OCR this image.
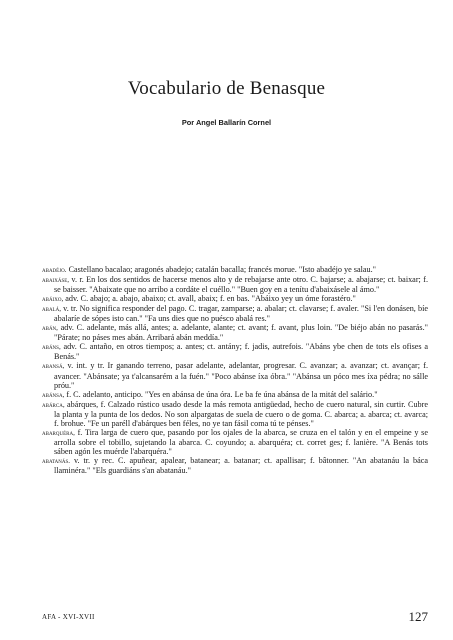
Vocabulario de Benasque
Por Angel Ballarín Cornel

abadéjo. Castellano bacalao; aragonés abadejo; catalán bacalla; francés morue. "Isto abadéjo ye salau."

abaixáse, v. r. En los dos sentidos de hacerse menos alto y de rebajarse ante otro. C. bajarse; a. abajarse; ct. baixar; f. se baisser. "Abaixate que no arribo a cordáte el cuéllo." "Buen goy en a tenítu d'abaixásele al ámo."

abáixo, adv. C. abajo; a. abajo, abaixo; ct. avall, abaix; f. en bas. "Abáixo yey un óme forastéro."

abalá, v. tr. No significa responder del pago. C. tragar, zamparse; a. abalar; ct. clavarse; f. avaler. "Si l'en donásen, bíe abalaríe de sópes isto can." "Fa uns dies que no puésco abalá res."

abán, adv. C. adelante, más allá, antes; a. adelante, alante; ct. avant; f. avant, plus loin. "De biéjo abán no pasarás." "Párate; no páses mes abán. Arribará abán meddía."

abáns, adv. C. antaño, en otros tiempos; a. antes; ct. antány; f. jadis, autrefois. "Abáns ybe chen de tots els ofises a Benás."

abansá, v. int. y tr. Ir ganando terreno, pasar adelante, adelantar, progresar. C. avanzar; a. avanzar; ct. avançar; f. avancer. "Abánsate; ya t'alcansarém a la fuén." "Poco abánse íxa óbra." "Abánsa un póco mes íxa pédra; no sálle próu."

abánsa, f. C. adelanto, anticipo. "Yes en abánsa de úna óra. Le ba fe úna abánsa de la mitát del salário."

abárca, abárques, f. Calzado rústico usado desde la más remota antigüedad, hecho de cuero natural, sin curtir. Cubre la planta y la punta de los dedos. No son alpargatas de suela de cuero o de goma. C. abarca; a. abarca; ct. avarca; f. brohue. "Fe un paréll d'abárques ben féles, no ye tan fásil coma tú te pénses."

abarquéra, f. Tira larga de cuero que, pasando por los ojales de la abarca, se cruza en el talón y en el empeine y se arrolla sobre el tobillo, sujetando la abarca. C. coyundo; a. abarquéra; ct. corret ges; f. lanière. "A Benás tots sáben agón les muérde l'abarquéra."

abatanás. v. tr. y rec. C. apuñear, apalear, batanear; a. batanar; ct. apallisar; f. bâtonner. "An abatanáu la báca llaminéra." "Els guardiáns s'an abatanáu."

AFA - XVI-XVII	127
